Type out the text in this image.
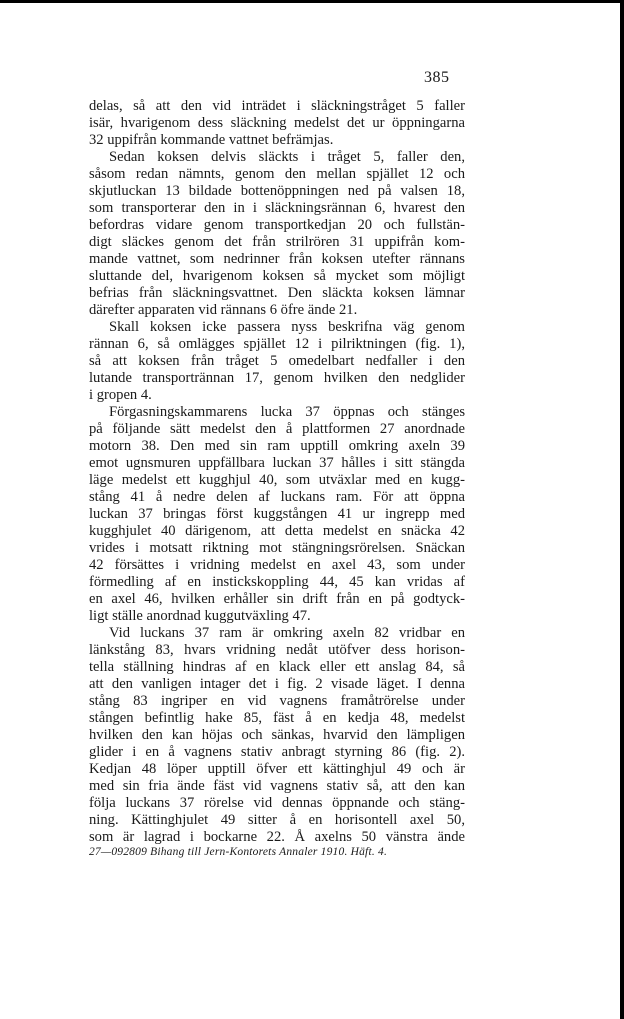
385
delas, så att den vid inträdet i släckningstråget 5 faller
isär, hvarigenom dess släckning medelst det ur öppningarna
32 uppifrån kommande vattnet befrämjas.
Sedan koksen delvis släckts i tråget 5, faller den,
såsom redan nämnts, genom den mellan spjället 12 och
skjutluckan 13 bildade bottenöppningen ned på valsen 18,
som transporterar den in i släckningsrännan 6, hvarest den
befordras vidare genom transportkedjan 20 och fullstän-
digt släckes genom det från strilrören 31 uppifrån kom-
mande vattnet, som nedrinner från koksen utefter rännans
sluttande del, hvarigenom koksen så mycket som möjligt
befrias från släckningsvattnet. Den släckta koksen lämnar
därefter apparaten vid rännans 6 öfre ände 21.
Skall koksen icke passera nyss beskrifna väg genom
rännan 6, så omlägges spjället 12 i pilriktningen (fig. 1),
så att koksen från tråget 5 omedelbart nedfaller i den
lutande transportrännan 17, genom hvilken den nedglider
i gropen 4.
Förgasningskammarens lucka 37 öppnas och stänges
på följande sätt medelst den å plattformen 27 anordnade
motorn 38. Den med sin ram upptill omkring axeln 39
emot ugnsmuren uppfällbara luckan 37 hålles i sitt stängda
läge medelst ett kugghjul 40, som utväxlar med en kugg-
stång 41 å nedre delen af luckans ram. För att öppna
luckan 37 bringas först kuggstången 41 ur ingrepp med
kugghjulet 40 därigenom, att detta medelst en snäcka 42
vrides i motsatt riktning mot stängningsrörelsen. Snäckan
42 försättes i vridning medelst en axel 43, som under
förmedling af en instickskoppling 44, 45 kan vridas af
en axel 46, hvilken erhåller sin drift från en på godtyck-
ligt ställe anordnad kuggutväxling 47.
Vid luckans 37 ram är omkring axeln 82 vridbar en
länkstång 83, hvars vridning nedåt utöfver dess horison-
tella ställning hindras af en klack eller ett anslag 84, så
att den vanligen intager det i fig. 2 visade läget. I denna
stång 83 ingriper en vid vagnens framåtrörelse under
stången befintlig hake 85, fäst å en kedja 48, medelst
hvilken den kan höjas och sänkas, hvarvid den lämpligen
glider i en å vagnens stativ anbragt styrning 86 (fig. 2).
Kedjan 48 löper upptill öfver ett kättinghjul 49 och är
med sin fria ände fäst vid vagnens stativ så, att den kan
följa luckans 37 rörelse vid dennas öppnande och stäng-
ning. Kättinghjulet 49 sitter å en horisontell axel 50,
som är lagrad i bockarne 22. Å axelns 50 vänstra ände
27—092809 Bihang till Jern-Kontorets Annaler 1910. Häft. 4.
